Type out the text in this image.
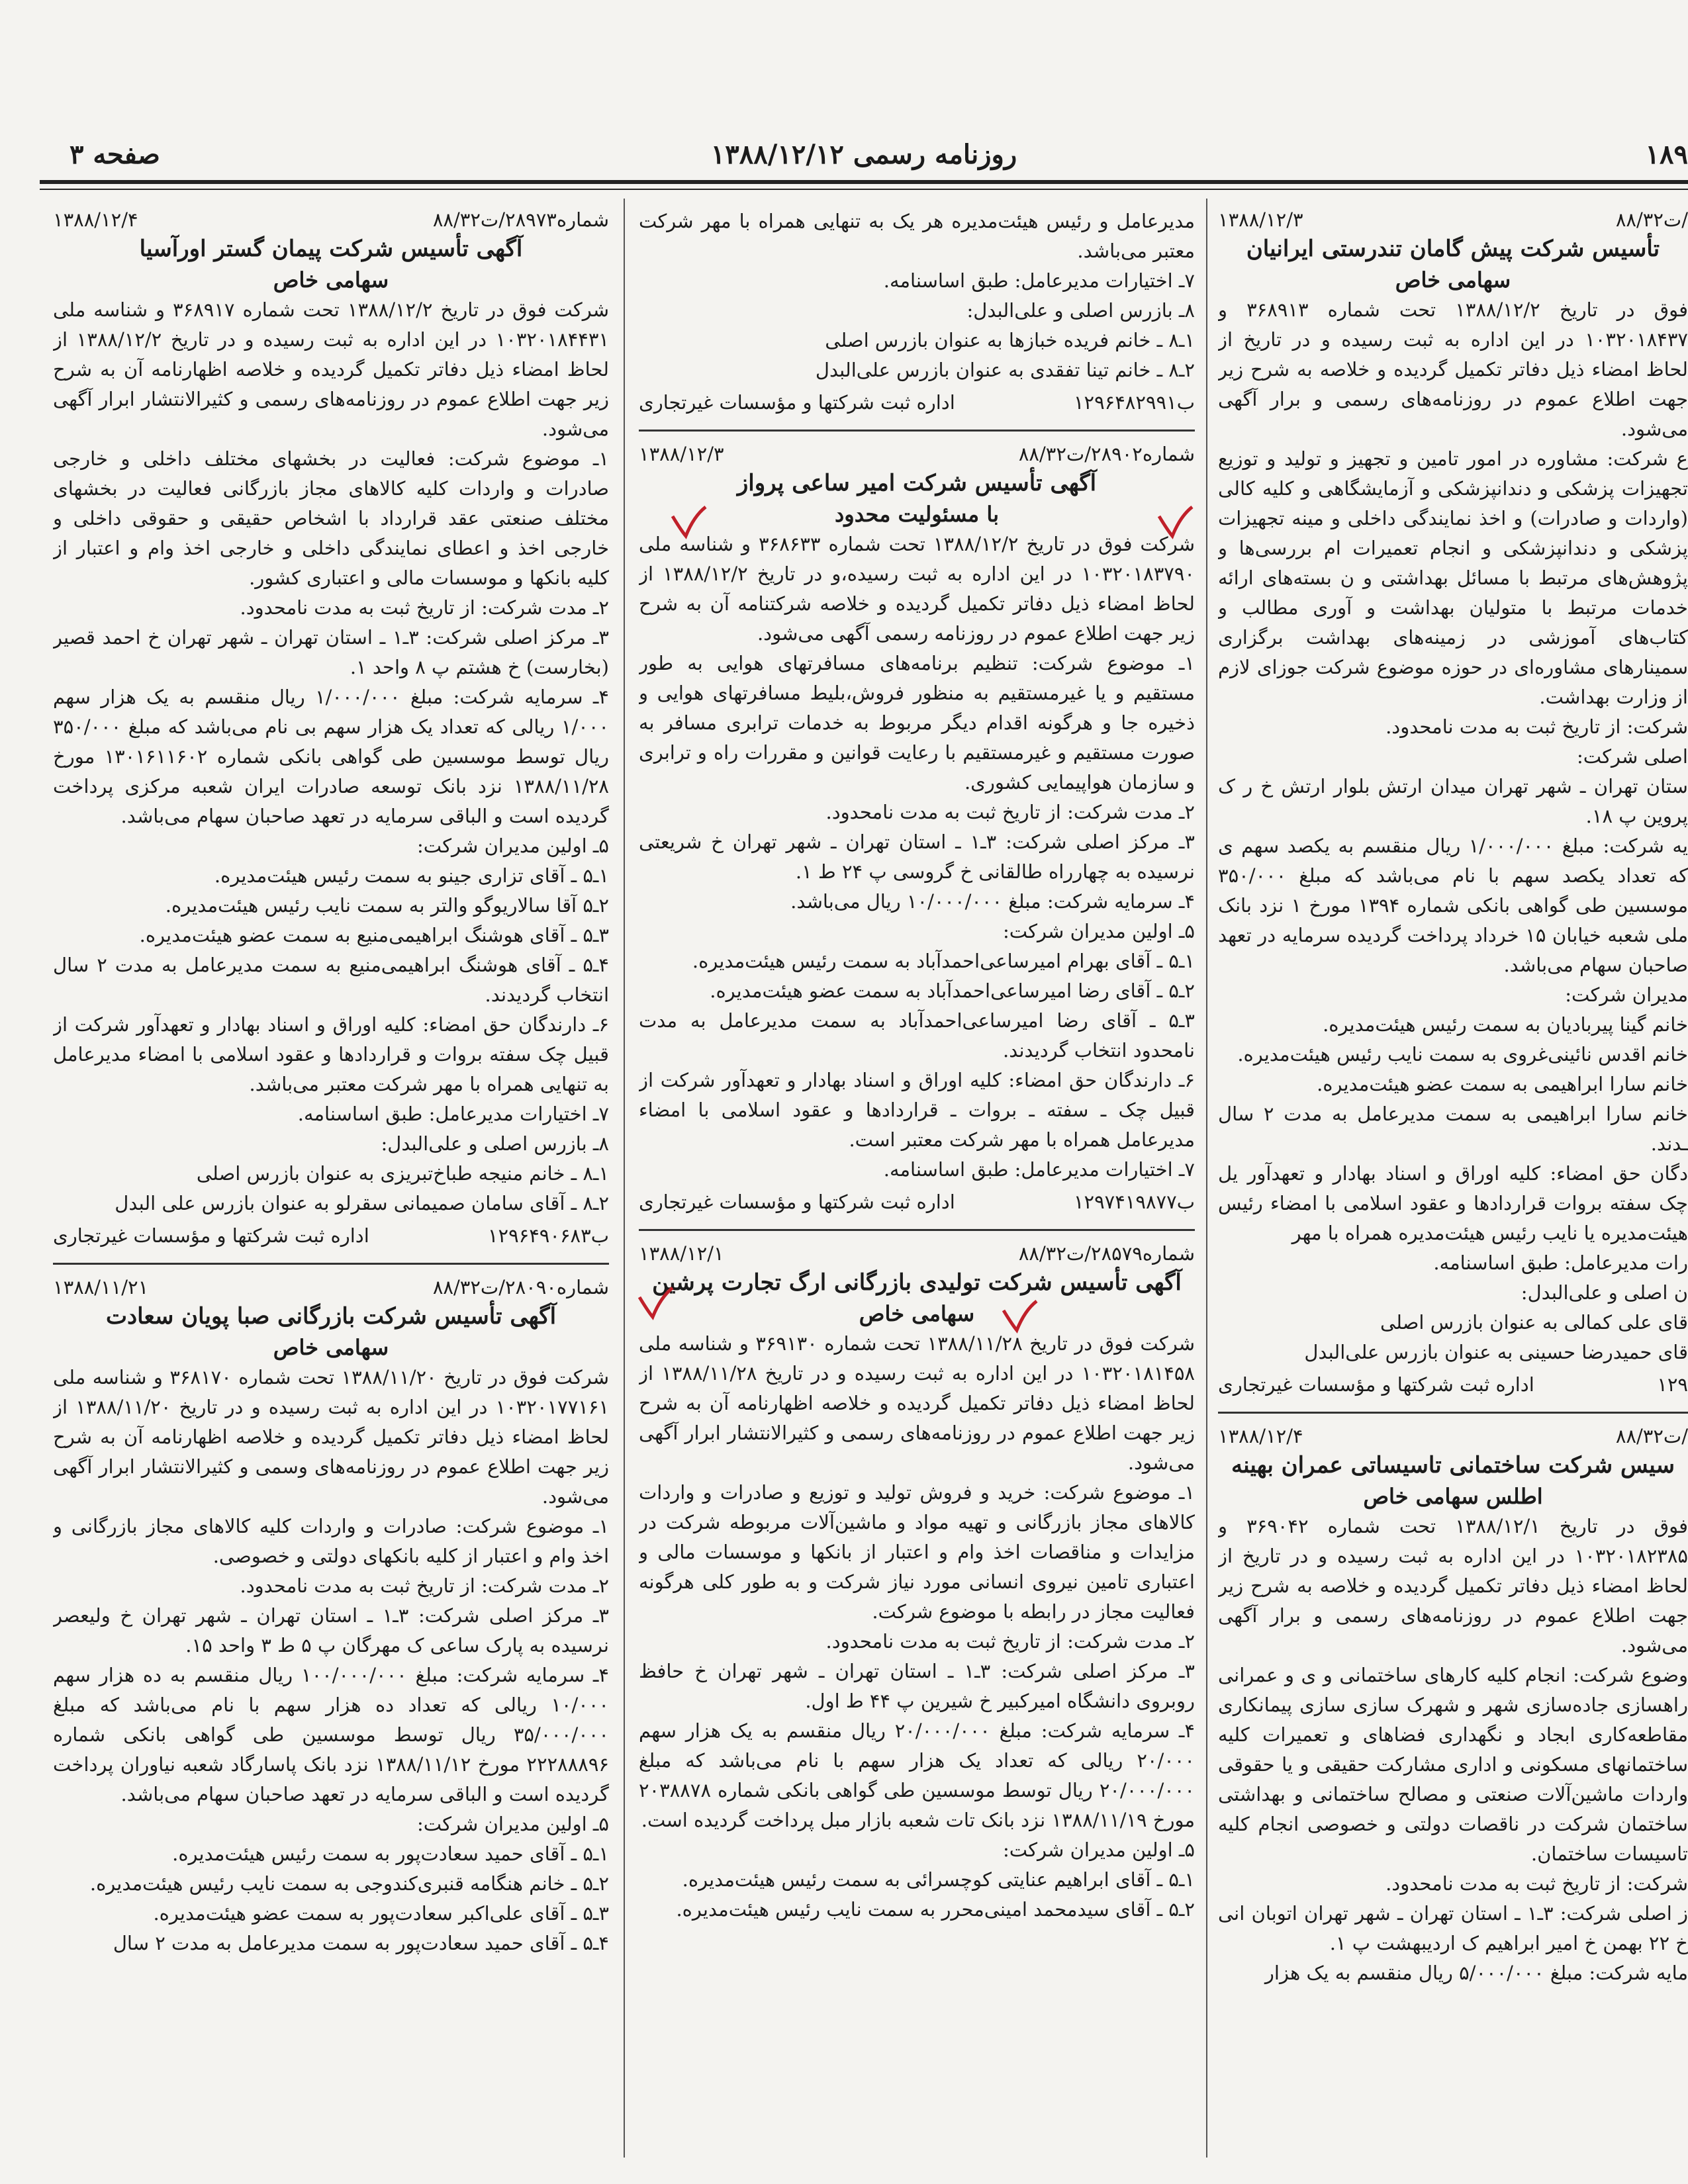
روزنامه رسمی ۱۳۸۸/۱۲/۱۲
صفحه ۳	۱۸۹
/ت۸۸/۳۲
۱۳۸۸/۱۲/۳
تأسیس شرکت پیش گامان تندرستی ایرانیان
سهامی خاص

فوق در تاریخ ۱۳۸۸/۱۲/۲ تحت شماره ۳۶۸۹۱۳ و ۱۰۳۲۰۱۸۴۳۷ در این اداره به ثبت رسیده و در تاریخ از لحاظ امضاء ذیل دفاتر تکمیل گردیده و خلاصه به شرح زیر جهت اطلاع عموم در روزنامه‌های رسمی و برار آگهی می‌شود.

ع شرکت: مشاوره در امور تامین و تجهیز و تولید و توزیع تجهیزات پزشکی و دندانپزشکی و آزمایشگاهی و کلیه کالی (واردات و صادرات) و اخذ نمایندگی داخلی و مینه تجهیزات پزشکی و دندانپزشکی و انجام تعمیرات ام بررسی‌ها و پژوهش‌های مرتبط با مسائل بهداشتی و ن بسته‌های ارائه خدمات مرتبط با متولیان بهداشت و آوری مطالب و کتاب‌های آموزشی در زمینه‌های بهداشت برگزاری سمینارهای مشاوره‌ای در حوزه موضوع شرکت جوزای لازم از وزارت بهداشت.

شرکت: از تاریخ ثبت به مدت نامحدود.

اصلی شرکت:

ستان تهران ـ شهر تهران میدان ارتش بلوار ارتش خ ر ک پروین پ ۱۸.

یه شرکت: مبلغ ۱/۰۰۰/۰۰۰ ریال منقسم به یکصد سهم ی که تعداد یکصد سهم با نام می‌باشد که مبلغ ۳۵۰/۰۰۰ موسسین طی گواهی بانکی شماره ۱۳۹۴ مورخ ۱ نزد بانک ملی شعبه خیابان ۱۵ خرداد پرداخت گردیده سرمایه در تعهد صاحبان سهام می‌باشد.

مدیران شرکت:

خانم گینا پیربادیان به سمت رئیس هیئت‌مدیره.

خانم اقدس نائینی‌غروی به سمت نایب رئیس هیئت‌مدیره.

خانم سارا ابراهیمی به سمت عضو هیئت‌مدیره.

خانم سارا ابراهیمی به سمت مدیرعامل به مدت ۲ سال ـدند.

دگان حق امضاء: کلیه اوراق و اسناد بهادار و تعهدآور یل چک سفته بروات قراردادها و عقود اسلامی با امضاء رئیس هیئت‌مدیره یا نایب رئیس هیئت‌مدیره همراه با مهر

رات مدیرعامل: طبق اساسنامه.

ن اصلی و علی‌البدل:

قای علی کمالی به عنوان بازرس اصلی

قای حمیدرضا حسینی به عنوان بازرس علی‌البدل

۱۲۹
اداره ثبت شرکتها و مؤسسات غیرتجاری
/ت۸۸/۳۲
۱۳۸۸/۱۲/۴
سیس شرکت ساختمانی تاسیساتی عمران بهینه
اطلس سهامی خاص

فوق در تاریخ ۱۳۸۸/۱۲/۱ تحت شماره ۳۶۹۰۴۲ و ۱۰۳۲۰۱۸۲۳۸۵ در این اداره به ثبت رسیده و در تاریخ از لحاظ امضاء ذیل دفاتر تکمیل گردیده و خلاصه به شرح زیر جهت اطلاع عموم در روزنامه‌های رسمی و برار آگهی می‌شود.

وضوع شرکت: انجام کلیه کارهای ساختمانی و ی و عمرانی راهسازی جاده‌سازی شهر و شهرک سازی سازی پیمانکاری مقاطعه‌کاری ابجاد و نگهداری فضاهای و تعمیرات کلیه ساختمانهای مسکونی و اداری مشارکت حقیقی و یا حقوقی واردات ماشین‌آلات صنعتی و مصالح ساختمانی و بهداشتی ساختمان شرکت در ناقصات دولتی و خصوصی انجام کلیه تاسیسات ساختمان.

شرکت: از تاریخ ثبت به مدت نامحدود.

ز اصلی شرکت: ۳ـ۱ ـ استان تهران ـ شهر تهران اتوبان انی خ ۲۲ بهمن خ امیر ابراهیم ک اردیبهشت پ ۱.

مایه شرکت: مبلغ ۵/۰۰۰/۰۰۰ ریال منقسم به یک هزار

مدیرعامل و رئیس هیئت‌مدیره هر یک به تنهایی همراه با مهر شرکت معتبر می‌باشد.

۷ـ اختیارات مدیرعامل: طبق اساسنامه.

۸ـ بازرس اصلی و علی‌البدل:

۱ـ۸ ـ خانم فریده خبازها به عنوان بازرس اصلی

۲ـ۸ ـ خانم تینا تفقدی به عنوان بازرس علی‌البدل

ب۱۲۹۶۴۸۲۹۹۱
اداره ثبت شرکتها و مؤسسات غیرتجاری
شماره۲۸۹۰۲/ت۸۸/۳۲
۱۳۸۸/۱۲/۳
آگهی تأسیس شرکت امیر ساعی پرواز
با مسئولیت محدود

شرکت فوق در تاریخ ۱۳۸۸/۱۲/۲ تحت شماره ۳۶۸۶۳۳ و شناسه ملی ۱۰۳۲۰۱۸۳۷۹۰ در این اداره به ثبت رسیده،و در تاریخ ۱۳۸۸/۱۲/۲ از لحاظ امضاء ذیل دفاتر تکمیل گردیده و خلاصه شرکتنامه آن به شرح زیر جهت اطلاع عموم در روزنامه رسمی آگهی می‌شود.

۱ـ موضوع شرکت: تنظیم برنامه‌های مسافرتهای هوایی به طور مستقیم و یا غیرمستقیم به منظور فروش‌،بلیط مسافرتهای هوایی و ذخیره جا و هرگونه اقدام دیگر مربوط به خدمات ترابری مسافر به صورت مستقیم و غیرمستقیم با رعایت قوانین و مقررات راه و ترابری و سازمان هواپیمایی کشوری.

۲ـ مدت شرکت: از تاریخ ثبت به مدت نامحدود.

۳ـ مرکز اصلی شرکت: ۳ـ۱ ـ استان تهران ـ شهر تهران خ شریعتی نرسیده به چهارراه طالقانی خ گروسی پ ۲۴ ط ۱.

۴ـ سرمایه شرکت: مبلغ ۱۰/۰۰۰/۰۰۰ ریال می‌باشد.

۵ـ اولین مدیران شرکت:

۱ـ۵ ـ آقای بهرام امیرساعی‌احمدآباد به سمت رئیس هیئت‌مدیره.

۲ـ۵ ـ آقای رضا امیرساعی‌احمدآباد به سمت عضو هیئت‌مدیره.

۳ـ۵ ـ آقای رضا امیرساعی‌احمدآباد به سمت مدیرعامل به مدت نامحدود انتخاب گردیدند.

۶ـ دارندگان حق امضاء: کلیه اوراق و اسناد بهادار و تعهدآور شرکت از قبیل چک ـ سفته ـ بروات ـ قراردادها و عقود اسلامی با امضاء مدیرعامل همراه با مهر شرکت معتبر است.

۷ـ اختیارات مدیرعامل: طبق اساسنامه.

ب۱۲۹۷۴۱۹۸۷۷
اداره ثبت شرکتها و مؤسسات غیرتجاری
شماره۲۸۵۷۹/ت۸۸/۳۲
۱۳۸۸/۱۲/۱
آگهی تأسیس شرکت تولیدی بازرگانی ارگ تجارت پرشین
سهامی خاص

شرکت فوق در تاریخ ۱۳۸۸/۱۱/۲۸ تحت شماره ۳۶۹۱۳۰ و شناسه ملی ۱۰۳۲۰۱۸۱۴۵۸ در این اداره به ثبت رسیده و در تاریخ ۱۳۸۸/۱۱/۲۸ از لحاظ امضاء ذیل دفاتر تکمیل گردیده و خلاصه اظهارنامه آن به شرح زیر جهت اطلاع عموم در روزنامه‌های رسمی و کثیرالانتشار ابرار آگهی می‌شود.

۱ـ موضوع شرکت: خرید و فروش تولید و توزیع و صادرات و واردات کالاهای مجاز بازرگانی و تهیه مواد و ماشین‌آلات مربوطه شرکت در مزایدات و مناقصات اخذ وام و اعتبار از بانکها و موسسات مالی و اعتباری تامین نیروی انسانی مورد نیاز شرکت و به طور کلی هرگونه فعالیت مجاز در رابطه با موضوع شرکت.

۲ـ مدت شرکت: از تاریخ ثبت به مدت نامحدود.

۳ـ مرکز اصلی شرکت: ۳ـ۱ ـ استان تهران ـ شهر تهران خ حافظ روبروی دانشگاه امیرکبیر خ شیرین پ ۴۴ ط اول.

۴ـ سرمایه شرکت: مبلغ ۲۰/۰۰۰/۰۰۰ ریال منقسم به یک هزار سهم ۲۰/۰۰۰ ریالی که تعداد یک هزار سهم با نام می‌باشد که مبلغ ۲۰/۰۰۰/۰۰۰ ریال توسط موسسین طی گواهی بانکی شماره ۲۰۳۸۸۷۸ مورخ ۱۳۸۸/۱۱/۱۹ نزد بانک تات شعبه بازار مبل پرداخت گردیده است.

۵ـ اولین مدیران شرکت:

۱ـ۵ ـ آقای ابراهیم عنایتی کوچسرائی به سمت رئیس هیئت‌مدیره.

۲ـ۵ ـ آقای سیدمحمد امینی‌محرر به سمت نایب رئیس هیئت‌مدیره.

شماره۲۸۹۷۳/ت۸۸/۳۲
۱۳۸۸/۱۲/۴
آگهی تأسیس شرکت پیمان گستر اورآسیا
سهامی خاص

شرکت فوق در تاریخ ۱۳۸۸/۱۲/۲ تحت شماره ۳۶۸۹۱۷ و شناسه ملی ۱۰۳۲۰۱۸۴۴۳۱ در این اداره به ثبت رسیده و در تاریخ ۱۳۸۸/۱۲/۲ از لحاظ امضاء ذیل دفاتر تکمیل گردیده و خلاصه اظهارنامه آن به شرح زیر جهت اطلاع عموم در روزنامه‌های رسمی و کثیرالانتشار ابرار آگهی می‌شود.

۱ـ موضوع شرکت: فعالیت در بخشهای مختلف داخلی و خارجی صادرات و واردات کلیه کالاهای مجاز بازرگانی فعالیت در بخشهای مختلف صنعتی عقد قرارداد با اشخاص حقیقی و حقوقی داخلی و خارجی اخذ و اعطای نمایندگی داخلی و خارجی اخذ وام و اعتبار از کلیه بانکها و موسسات مالی و اعتباری کشور.

۲ـ مدت شرکت: از تاریخ ثبت به مدت نامحدود.

۳ـ مرکز اصلی شرکت: ۳ـ۱ ـ استان تهران ـ شهر تهران خ احمد قصیر (بخارست) خ هشتم پ ۸ واحد ۱.

۴ـ سرمایه شرکت: مبلغ ۱/۰۰۰/۰۰۰ ریال منقسم به یک هزار سهم ۱/۰۰۰ ریالی که تعداد یک هزار سهم بی نام می‌باشد که مبلغ ۳۵۰/۰۰۰ ریال توسط موسسین طی گواهی بانکی شماره ۱۳۰۱۶۱۱۶۰۲ مورخ ۱۳۸۸/۱۱/۲۸ نزد بانک توسعه صادرات ایران شعبه مرکزی پرداخت گردیده است و الباقی سرمایه در تعهد صاحبان سهام می‌باشد.

۵ـ اولین مدیران شرکت:

۱ـ۵ ـ آقای تزاری جینو به سمت رئیس هیئت‌مدیره.

۲ـ۵ آقا سالاریوگو والتر به سمت نایب رئیس هیئت‌مدیره.

۳ـ۵ ـ آقای هوشنگ ابراهیمی‌منیع به سمت عضو هیئت‌مدیره.

۴ـ۵ ـ آقای هوشنگ ابراهیمی‌منیع به سمت مدیرعامل به مدت ۲ سال انتخاب گردیدند.

۶ـ دارندگان حق امضاء: کلیه اوراق و اسناد بهادار و تعهدآور شرکت از قبیل چک سفته بروات و قراردادها و عقود اسلامی با امضاء مدیرعامل به تنهایی همراه با مهر شرکت معتبر می‌باشد.

۷ـ اختیارات مدیرعامل: طبق اساسنامه.

۸ـ بازرس اصلی و علی‌البدل:

۱ـ۸ ـ خانم منیجه طباخ‌تبریزی به عنوان بازرس اصلی

۲ـ۸ ـ آقای سامان صمیمانی سقرلو به عنوان بازرس علی البدل

ب۱۲۹۶۴۹۰۶۸۳
اداره ثبت شرکتها و مؤسسات غیرتجاری
شماره۲۸۰۹۰/ت۸۸/۳۲
۱۳۸۸/۱۱/۲۱
آگهی تأسیس شرکت بازرگانی صبا پویان سعادت
سهامی خاص

شرکت فوق در تاریخ ۱۳۸۸/۱۱/۲۰ تحت شماره ۳۶۸۱۷۰ و شناسه ملی ۱۰۳۲۰۱۷۷۱۶۱ در این اداره به ثبت رسیده و در تاریخ ۱۳۸۸/۱۱/۲۰ از لحاظ امضاء ذیل دفاتر تکمیل گردیده و خلاصه اظهارنامه آن به شرح زیر جهت اطلاع عموم در روزنامه‌های وسمی و کثیرالانتشار ابرار آگهی می‌شود.

۱ـ موضوع شرکت: صادرات و واردات کلیه کالاهای مجاز بازرگانی و اخذ وام و اعتبار از کلیه بانکهای دولتی و خصوصی.

۲ـ مدت شرکت: از تاریخ ثبت به مدت نامحدود.

۳ـ مرکز اصلی شرکت: ۳ـ۱ ـ استان تهران ـ شهر تهران خ ولیعصر نرسیده به پارک ساعی ک مهرگان پ ۵ ط ۳ واحد ۱۵.

۴ـ سرمایه شرکت: مبلغ ۱۰۰/۰۰۰/۰۰۰ ریال منقسم به ده هزار سهم ۱۰/۰۰۰ ریالی که تعداد ده هزار سهم با نام می‌باشد که مبلغ ۳۵/۰۰۰/۰۰۰ ریال توسط موسسین طی گواهی بانکی شماره ۲۲۲۸۸۸۹۶ مورخ ۱۳۸۸/۱۱/۱۲ نزد بانک پاسارگاد شعبه نیاوران پرداخت گردیده است و الباقی سرمایه در تعهد صاحبان سهام می‌باشد.

۵ـ اولین مدیران شرکت:

۱ـ۵ ـ آقای حمید سعادت‌پور به سمت رئیس هیئت‌مدیره.

۲ـ۵ ـ خانم هنگامه قنبری‌کندوجی به سمت نایب رئیس هیئت‌مدیره.

۳ـ۵ ـ آقای علی‌اکبر سعادت‌پور به سمت عضو هیئت‌مدیره.

۴ـ۵ ـ آقای حمید سعادت‌پور به سمت مدیرعامل به مدت ۲ سال
